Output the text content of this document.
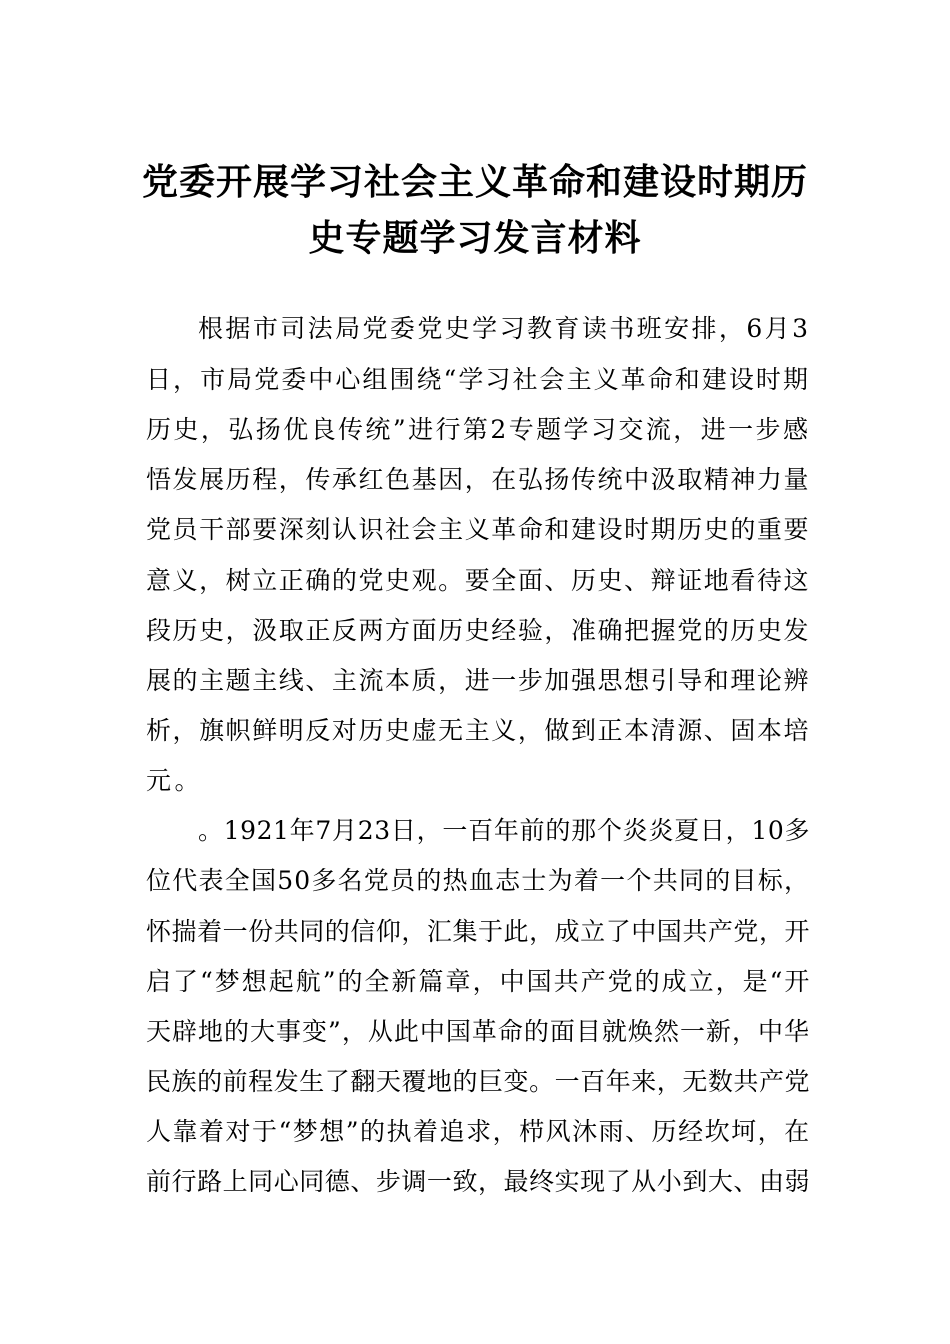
党委开展学习社会主义革命和建设时期历
史专题学习发言材料
根据市司法局党委党史学习教育读书班安排，6月3
日，市局党委中心组围绕“学习社会主义革命和建设时期
历史，弘扬优良传统”进行第2专题学习交流，进一步感
悟发展历程，传承红色基因，在弘扬传统中汲取精神力量
党员干部要深刻认识社会主义革命和建设时期历史的重要
意义，树立正确的党史观。要全面、历史、辩证地看待这
段历史，汲取正反两方面历史经验，准确把握党的历史发
展的主题主线、主流本质，进一步加强思想引导和理论辨
析，旗帜鲜明反对历史虚无主义，做到正本清源、固本培
元。
。1921年7月23日，一百年前的那个炎炎夏日，10多
位代表全国50多名党员的热血志士为着一个共同的目标，
怀揣着一份共同的信仰，汇集于此，成立了中国共产党，开
启了“梦想起航”的全新篇章，中国共产党的成立，是“开
天辟地的大事变”，从此中国革命的面目就焕然一新，中华
民族的前程发生了翻天覆地的巨变。一百年来，无数共产党
人靠着对于“梦想”的执着追求，栉风沐雨、历经坎坷，在
前行路上同心同德、步调一致，最终实现了从小到大、由弱
